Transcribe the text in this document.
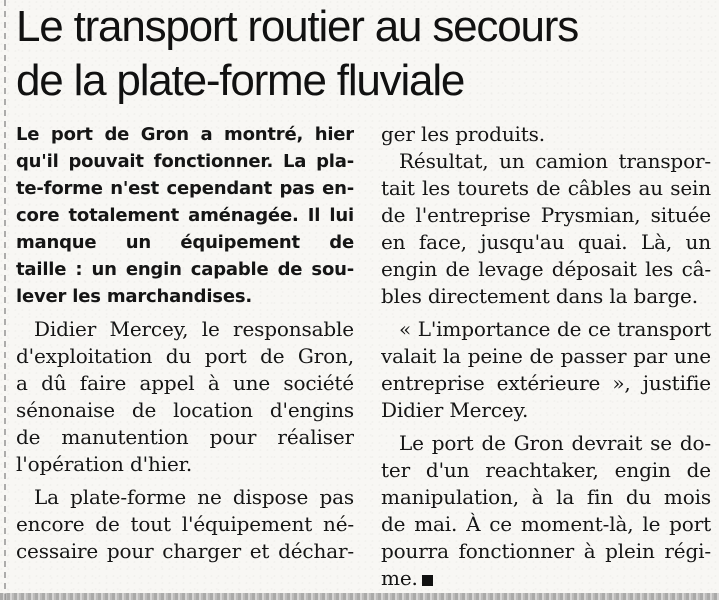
Le transport routier au secours
de la plate-forme fluviale
Le port de Gron a montré, hier
qu'il pouvait fonctionner. La pla-
te-forme n'est cependant pas en-
core totalement aménagée. Il lui
manque un équipement de
taille : un engin capable de sou-
lever les marchandises.
Didier Mercey, le responsable
d'exploitation du port de Gron,
a dû faire appel à une société
sénonaise de location d'engins
de manutention pour réaliser
l'opération d'hier.
La plate-forme ne dispose pas
encore de tout l'équipement né-
cessaire pour charger et déchar-
ger les produits.
Résultat, un camion transpor-
tait les tourets de câbles au sein
de l'entreprise Prysmian, située
en face, jusqu'au quai. Là, un
engin de levage déposait les câ-
bles directement dans la barge.
« L'importance de ce transport
valait la peine de passer par une
entreprise extérieure », justifie
Didier Mercey.
Le port de Gron devrait se do-
ter d'un reachtaker, engin de
manipulation, à la fin du mois
de mai. À ce moment-là, le port
pourra fonctionner à plein régi-
me.
